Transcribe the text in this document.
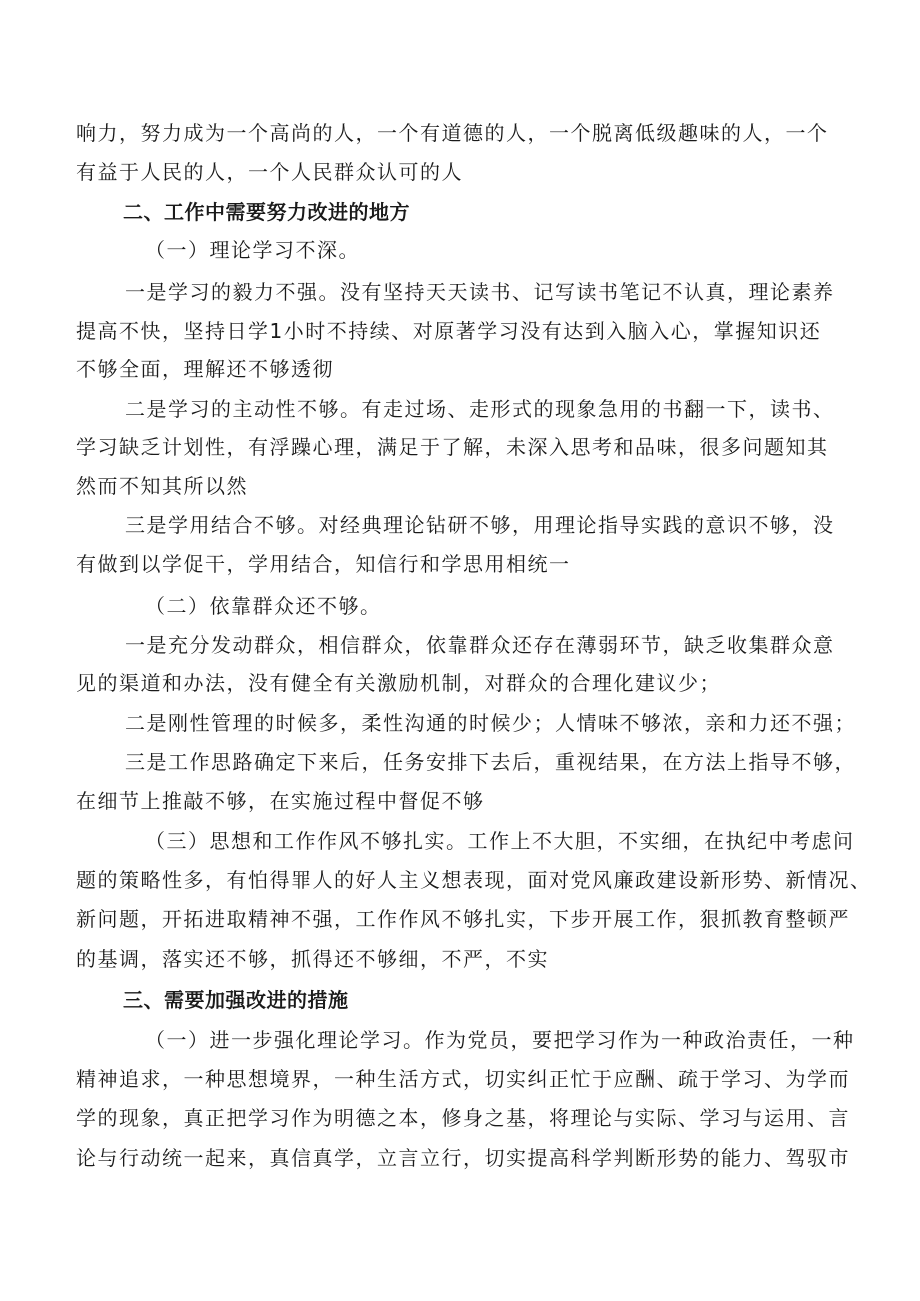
响力，努力成为一个高尚的人，一个有道德的人，一个脱离低级趣味的人，一个
有益于人民的人，一个人民群众认可的人
二、工作中需要努力改进的地方
（一）理论学习不深。
一是学习的毅力不强。没有坚持天天读书、记写读书笔记不认真，理论素养
提高不快，坚持日学1小时不持续、对原著学习没有达到入脑入心，掌握知识还
不够全面，理解还不够透彻
二是学习的主动性不够。有走过场、走形式的现象急用的书翻一下，读书、
学习缺乏计划性，有浮躁心理，满足于了解，未深入思考和品味，很多问题知其
然而不知其所以然
三是学用结合不够。对经典理论钻研不够，用理论指导实践的意识不够，没
有做到以学促干，学用结合，知信行和学思用相统一
（二）依靠群众还不够。
一是充分发动群众，相信群众，依靠群众还存在薄弱环节，缺乏收集群众意
见的渠道和办法，没有健全有关激励机制，对群众的合理化建议少；
二是刚性管理的时候多，柔性沟通的时候少；人情味不够浓，亲和力还不强；
三是工作思路确定下来后，任务安排下去后，重视结果，在方法上指导不够，
在细节上推敲不够，在实施过程中督促不够
（三）思想和工作作风不够扎实。工作上不大胆，不实细，在执纪中考虑问
题的策略性多，有怕得罪人的好人主义想表现，面对党风廉政建设新形势、新情况、
新问题，开拓进取精神不强，工作作风不够扎实，下步开展工作，狠抓教育整顿严
的基调，落实还不够，抓得还不够细，不严，不实
三、需要加强改进的措施
（一）进一步强化理论学习。作为党员，要把学习作为一种政治责任，一种
精神追求，一种思想境界，一种生活方式，切实纠正忙于应酬、疏于学习、为学而
学的现象，真正把学习作为明德之本，修身之基，将理论与实际、学习与运用、言
论与行动统一起来，真信真学，立言立行，切实提高科学判断形势的能力、驾驭市
